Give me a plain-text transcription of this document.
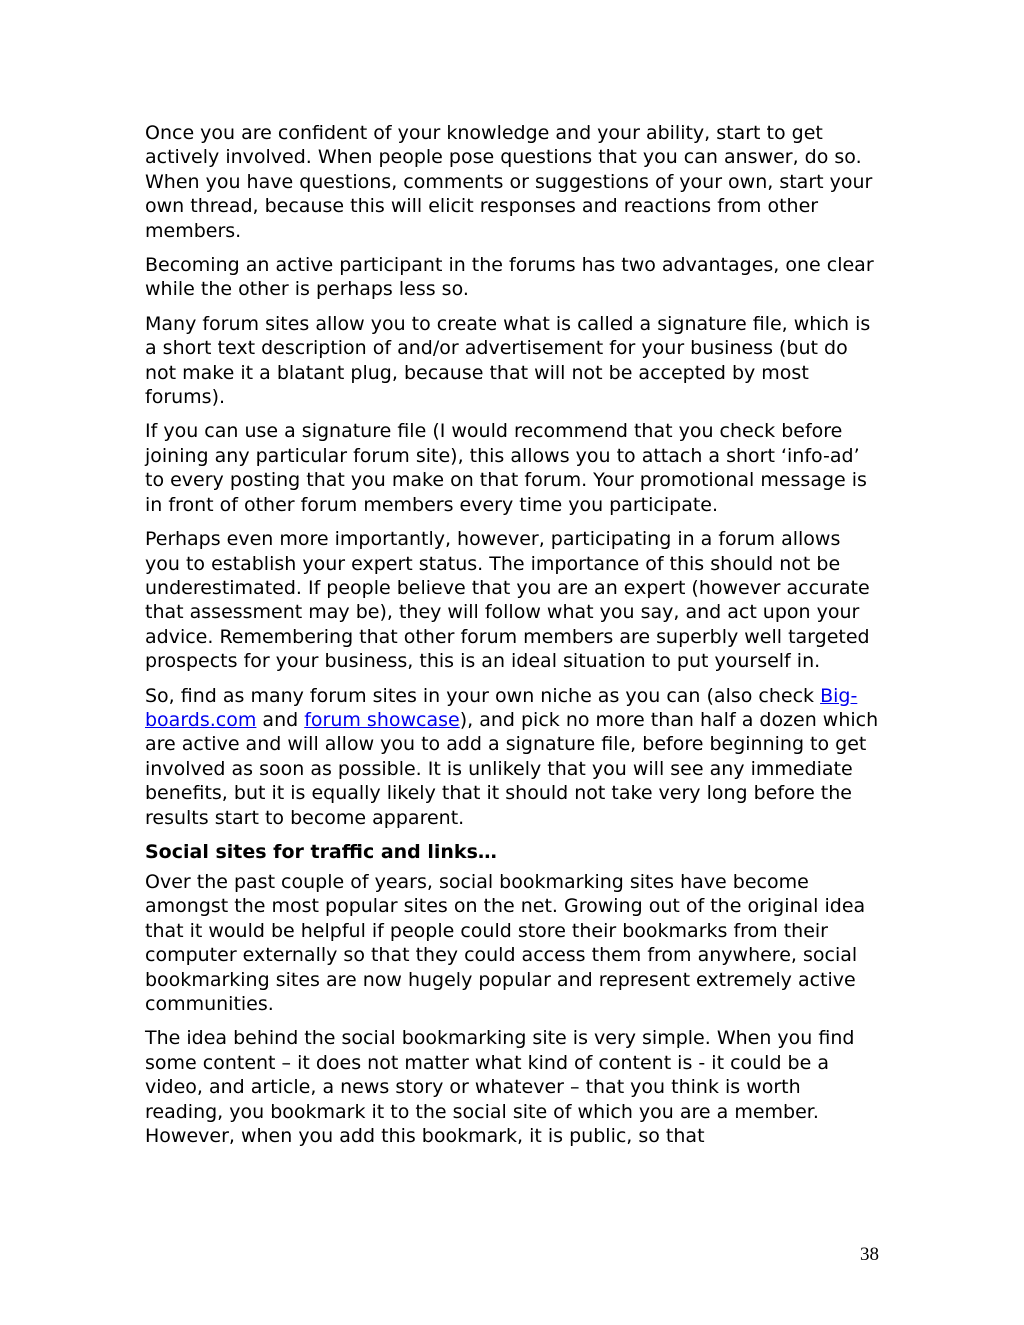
Once you are confident of your knowledge and your ability, start to get actively involved. When people pose questions that you can answer, do so. When you have questions, comments or suggestions of your own, start your own thread, because this will elicit responses and reactions from other members.

Becoming an active participant in the forums has two advantages, one clear while the other is perhaps less so.

Many forum sites allow you to create what is called a signature file, which is a short text description of and/or advertisement for your business (but do not make it a blatant plug, because that will not be accepted by most forums).

If you can use a signature file (I would recommend that you check before joining any particular forum site), this allows you to attach a short ‘info-ad’ to every posting that you make on that forum. Your promotional message is in front of other forum members every time you participate.

Perhaps even more importantly, however, participating in a forum allows you to establish your expert status. The importance of this should not be underestimated. If people believe that you are an expert (however accurate that assessment may be), they will follow what you say, and act upon your advice. Remembering that other forum members are superbly well targeted prospects for your business, this is an ideal situation to put yourself in.

So, find as many forum sites in your own niche as you can (also check Big-boards.com and forum showcase), and pick no more than half a dozen which are active and will allow you to add a signature file, before beginning to get involved as soon as possible. It is unlikely that you will see any immediate benefits, but it is equally likely that it should not take very long before the results start to become apparent.

Social sites for traffic and links…

Over the past couple of years, social bookmarking sites have become amongst the most popular sites on the net. Growing out of the original idea that it would be helpful if people could store their bookmarks from their computer externally so that they could access them from anywhere, social bookmarking sites are now hugely popular and represent extremely active communities.

The idea behind the social bookmarking site is very simple. When you find some content – it does not matter what kind of content is - it could be a video, and article, a news story or whatever – that you think is worth reading, you bookmark it to the social site of which you are a member. However, when you add this bookmark, it is public, so that

38
